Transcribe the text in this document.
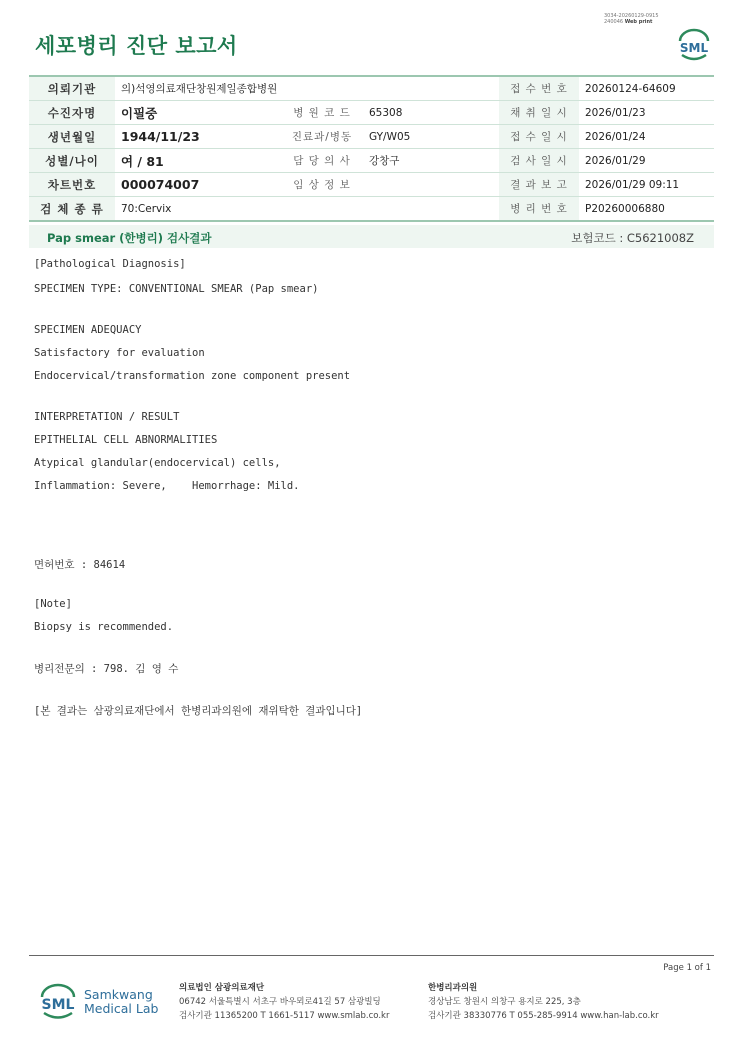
세포병리 진단 보고서
3034-20260129-0915
240046 Web print
SML
의뢰기관	의)석영의료재단창원제일종합병원			접 수 번 호	20260124-64609
수진자명	이필중	병 원 코 드	65308	채 취 일 시	2026/01/23
생년월일	1944/11/23	진료과/병동	GY/W05	접 수 일 시	2026/01/24
성별/나이	여 / 81	담 당 의 사	강창구	검 사 일 시	2026/01/29
차트번호	000074007	임 상 정 보		결 과 보 고	2026/01/29 09:11
검 체 종 류	70:Cervix			병 리 번 호	P20260006880
Pap smear (한병리) 검사결과	보험코드 : C5621008Z
[Pathological Diagnosis]
SPECIMEN TYPE: CONVENTIONAL SMEAR (Pap smear)
SPECIMEN ADEQUACY
Satisfactory for evaluation
Endocervical/transformation zone component present
INTERPRETATION / RESULT
EPITHELIAL CELL ABNORMALITIES
Atypical glandular(endocervical) cells,
Inflammation: Severe,    Hemorrhage: Mild.
면허번호 : 84614
[Note]
Biopsy is recommended.
병리전문의 : 798. 김 영 수
[본 결과는 삼광의료재단에서 한병리과의원에 재위탁한 결과입니다]
Page 1 of 1
SML
Samkwang
Medical Lab
의료법인 삼광의료재단
06742 서울특별시 서초구 바우뫼로41길 57 삼광빌딩
검사기관 11365200 T 1661-5117 www.smlab.co.kr
한병리과의원
경상남도 창원시 의창구 용지로 225, 3층
검사기관 38330776 T 055-285-9914 www.han-lab.co.kr
